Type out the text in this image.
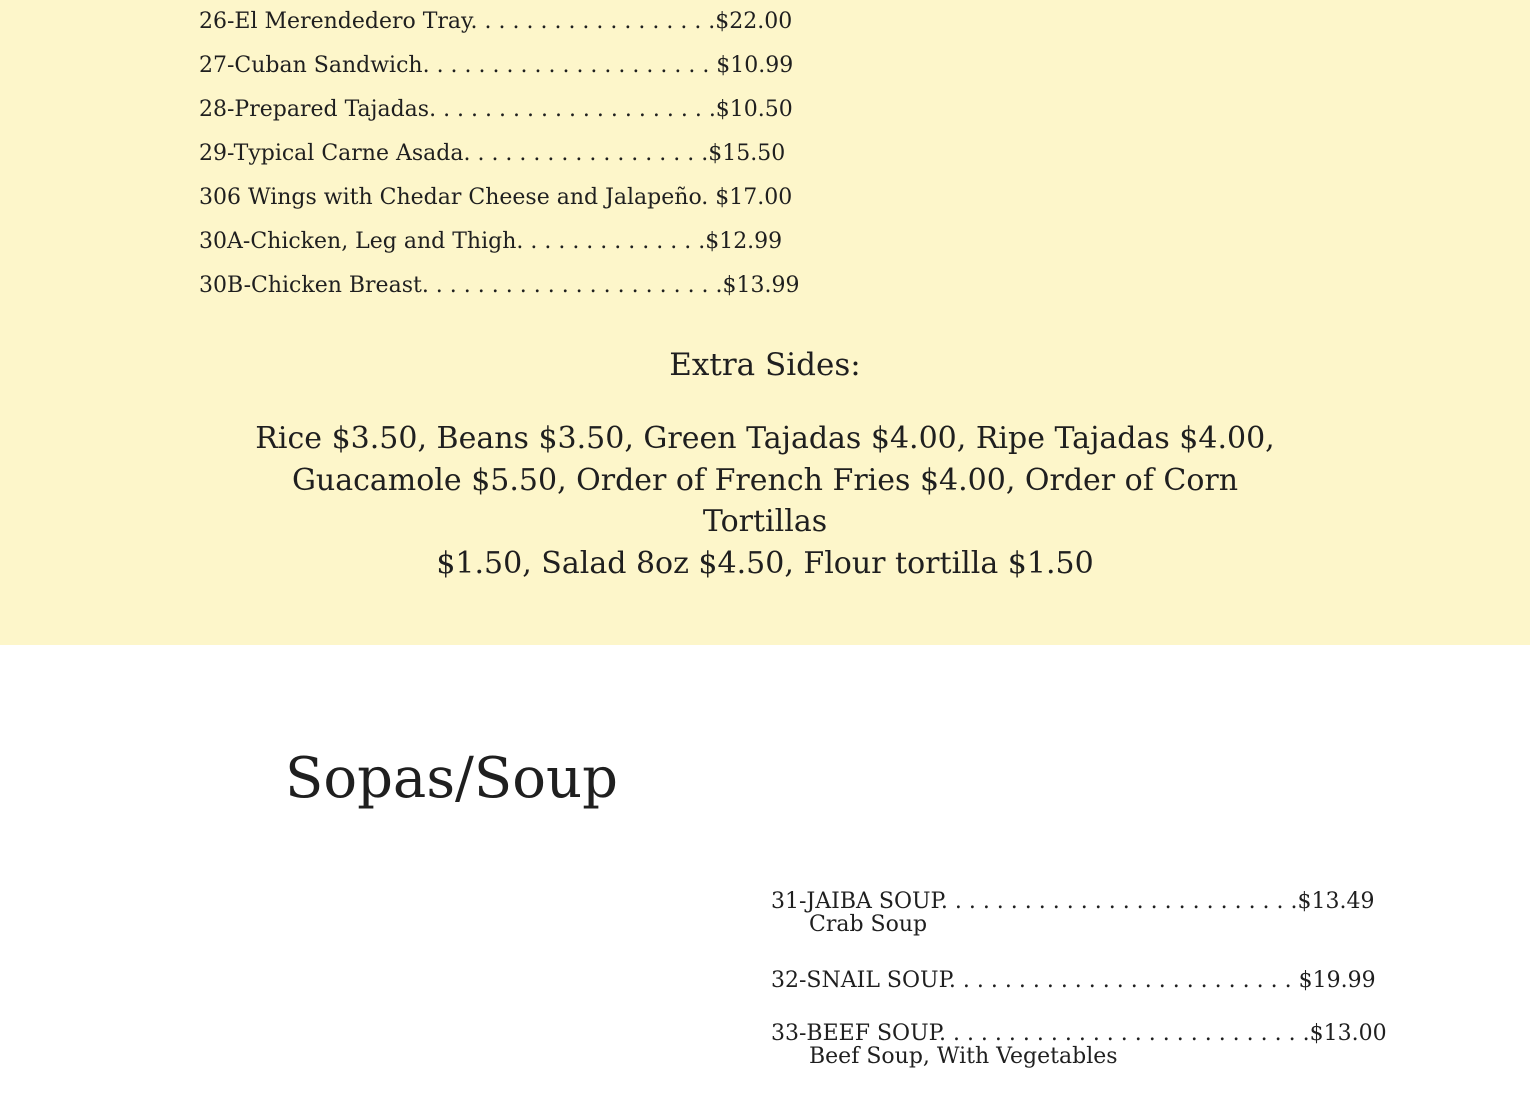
26-El Merendedero Tray. . . . . . . . . . . . . . . . . .$22.00
27-Cuban Sandwich. . . . . . . . . . . . . . . . . . . . . $10.99
28-Prepared Tajadas. . . . . . . . . . . . . . . . . . . . .$10.50
29-Typical Carne Asada. . . . . . . . . . . . . . . . . .$15.50
306 Wings with Chedar Cheese and Jalapeño. $17.00
30A-Chicken, Leg and Thigh. . . . . . . . . . . . . .$12.99
30B-Chicken Breast. . . . . . . . . . . . . . . . . . . . . .$13.99
Extra Sides:
Rice $3.50, Beans $3.50, Green Tajadas $4.00, Ripe Tajadas $4.00,
Guacamole $5.50, Order of French Fries $4.00, Order of Corn Tortillas
$1.50, Salad 8oz $4.50, Flour tortilla $1.50
Sopas/Soup
31-JAIBA SOUP. . . . . . . . . . . . . . . . . . . . . . . . . .$13.49
Crab Soup
32-SNAIL SOUP. . . . . . . . . . . . . . . . . . . . . . . . . $19.99
33-BEEF SOUP. . . . . . . . . . . . . . . . . . . . . . . . . . .$13.00
Beef Soup, With Vegetables
